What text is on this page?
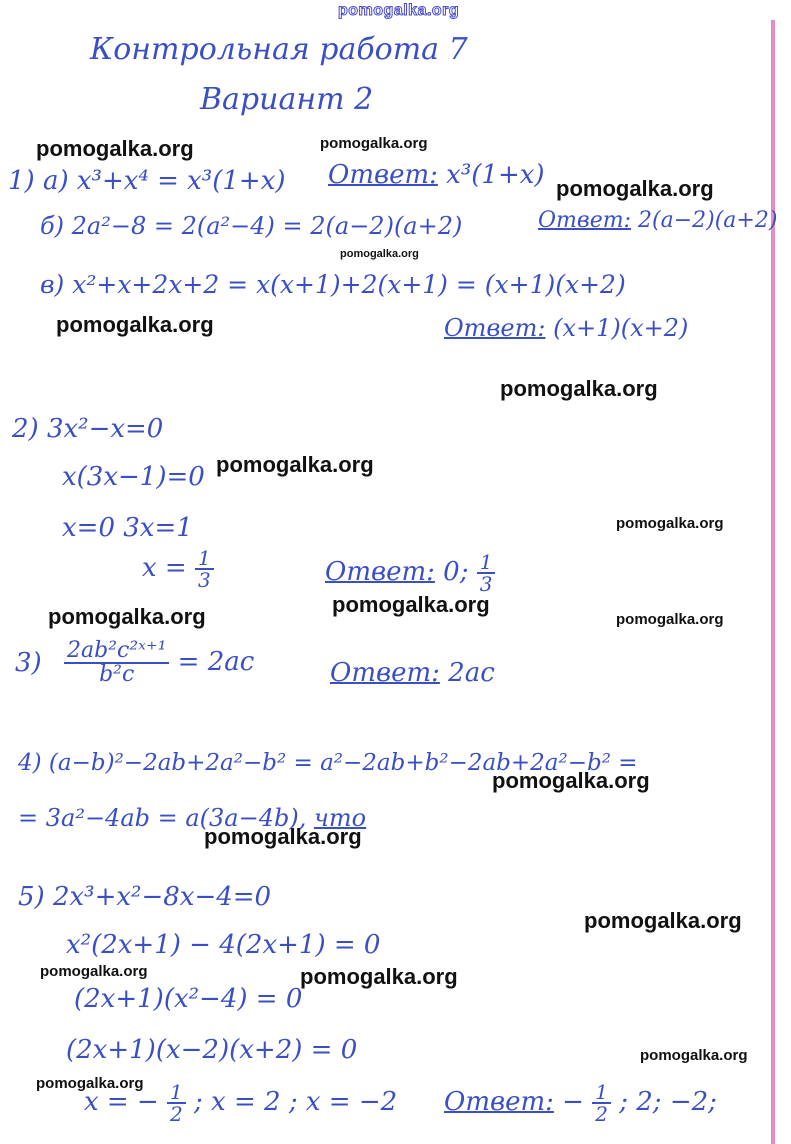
pomogalka.org
Контрольная работа 7
Вариант 2
1) а) x³+x⁴ = x³(1+x) Ответ: x³(1+x)
б) 2a²−8 = 2(a²−4) = 2(a−2)(a+2)	Ответ: 2(a−2)(a+2)
в) x²+x+2x+2 = x(x+1)+2(x+1) = (x+1)(x+2)
Ответ: (x+1)(x+2)
2) 3x²−x=0
x(3x−1)=0
x=0 3x=1
$x = \frac{1}{3}$	Ответ: 0; $\frac{1}{3}$
$3) \frac{\text{2ab²c²ˣ⁺¹}}{\text{b²c}} = 2ac$	Ответ: 2ac
4) (a−b)²−2ab+2a²−b² = a²−2ab+b²−2ab+2a²−b² =
= 3a²−4ab = a(3a−4b), что
5) 2x³+x²−8x−4=0
x²(2x+1) − 4(2x+1) = 0
(2x+1)(x²−4) = 0
(2x+1)(x−2)(x+2) = 0
x = − $\frac{1}{2}$ ; x = 2 ; x = −2 Ответ: − $\frac{1}{2}$ ; 2; −2;
pomogalka.org	pomogalka.org
pomogalka.org
pomogalka.org
pomogalka.org
pomogalka.org
pomogalka.org
pomogalka.org
pomogalka.org	pomogalka.org
pomogalka.org
pomogalka.org
pomogalka.org
pomogalka.org
pomogalka.org	pomogalka.org
pomogalka.org
pomogalka.org
